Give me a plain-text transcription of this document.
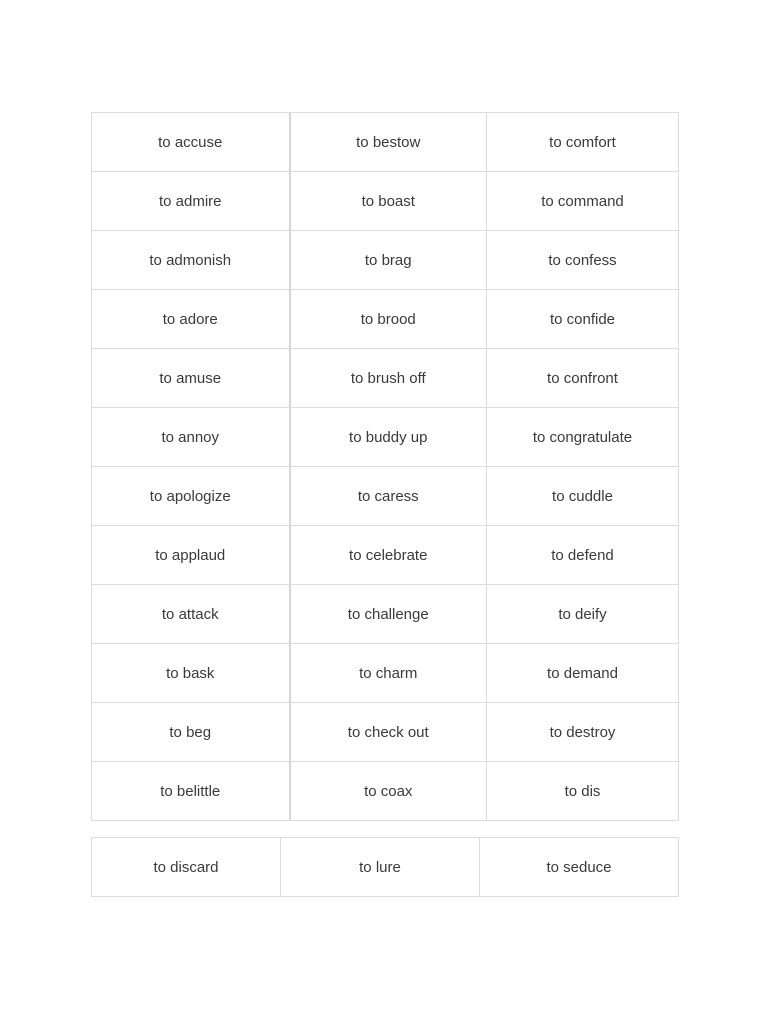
to accuse	to bestow	to comfort
to admire	to boast	to command
to admonish	to brag	to confess
to adore	to brood	to confide
to amuse	to brush off	to confront
to annoy	to buddy up	to congratulate
to apologize	to caress	to cuddle
to applaud	to celebrate	to defend
to attack	to challenge	to deify
to bask	to charm	to demand
to beg	to check out	to destroy
to belittle	to coax	to dis
to discard	to lure	to seduce
